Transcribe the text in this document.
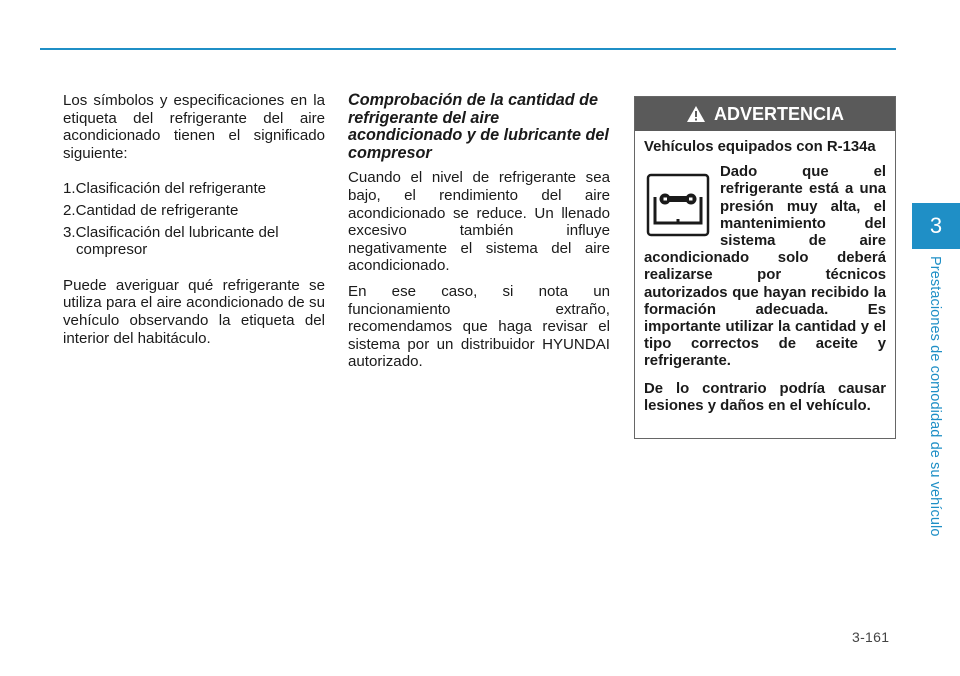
3
Prestaciones de comodidad de su vehículo

Los símbolos y especificaciones en la etiqueta del refrigerante del aire acondicionado tienen el significado siguiente:

1.Clasificación del refrigerante

2.Cantidad de refrigerante

3.Clasificación del lubricante del compresor

Puede averiguar qué refrigerante se utiliza para el aire acondicionado de su vehículo observando la etiqueta del interior del habitáculo.

Comprobación de la cantidad de refrigerante del aire acondicionado y de lubricante del compresor

Cuando el nivel de refrigerante sea bajo, el rendimiento del aire acondicionado se reduce. Un llenado excesivo también influye negativamente el sistema del aire acondicionado.

En ese caso, si nota un funcionamiento extraño, recomendamos que haga revisar el sistema por un distribuidor HYUNDAI autorizado.

ADVERTENCIA

Vehículos equipados con R-134a

Dado que el refrigerante está a una presión muy alta, el mantenimiento del sistema de aire acondicionado solo deberá realizarse por técnicos autorizados que hayan recibido la formación adecuada. Es importante utilizar la cantidad y el tipo correctos de aceite y refrigerante.

De lo contrario podría causar lesiones y daños en el vehículo.

3-161
